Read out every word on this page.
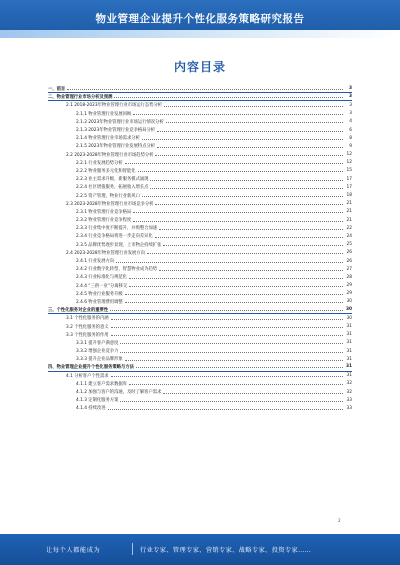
物业管理企业提升个性化服务策略研究报告
内容目录
一、前言	3
二、物业管理行业市场分析及预测	3
2.1 2018-2023年物业管理行业市场运行态势分析	3
2.1.1 物业管理行业发展回顾	3
2.1.2 2023年物业管理行业市场运行情况分析	4
2.1.3 2023年物业管理行业竞争格局分析	6
2.1.4 物业管理行业市场需求分析	8
2.1.5 2023年物业管理行业发展特点分析	9
2.2 2023-2028年物业管理行业市场趋势分析	12
2.2.1 行业发展趋势分析	12
2.2.2 物业服务多元化和智能化	15
2.2.3 业主需求升级，新服务模式涌现	17
2.2.4 社区增值服务，拓展收入增长点	17
2.2.5 资产管理，物业行业新风口	18
2.3 2023-2028年物业管理行业市场竞争分析	21
2.3.1 物业管理行业竞争格局	21
2.3.2 物业管理行业竞争程度	21
2.3.3 行业集中度不断提升，并购整合加速	22
2.3.4 行业竞争格局将进一步走向差异化	24
2.3.5 品牌优势逐步显现，上市物企持续扩张	25
2.4 2023-2028年物业管理行业发展方向	26
2.4.1 行业发展方向	26
2.4.2 行业数字化转型，智慧物业成为趋势	27
2.4.3 行业标准化与规范化	28
2.4.4 “三供一业”分离移交	29
2.4.5 物业行业服务升级	29
2.4.6 物业管理费用调整	30
三、个性化服务对企业的重要性	30
3.1 个性化服务的内涵	30
3.2 个性化服务的意义	31
3.3 个性化服务的作用	31
3.3.1 提升客户满意度	31
3.3.2 增强企业竞争力	31
3.3.3 提升企业品牌形象	31
四、物业管理企业提升个性化服务策略与方法	31
4.1 分析客户个性需求	31
4.1.1 建立客户需求数据库	32
4.1.2 加强与客户的沟通，及时了解客户需求	32
4.1.3 定制化服务方案	33
4.1.4 持续改进	33
2
让每个人都能成为	行业专家、管理专家、营销专家、战略专家、投资专家……
